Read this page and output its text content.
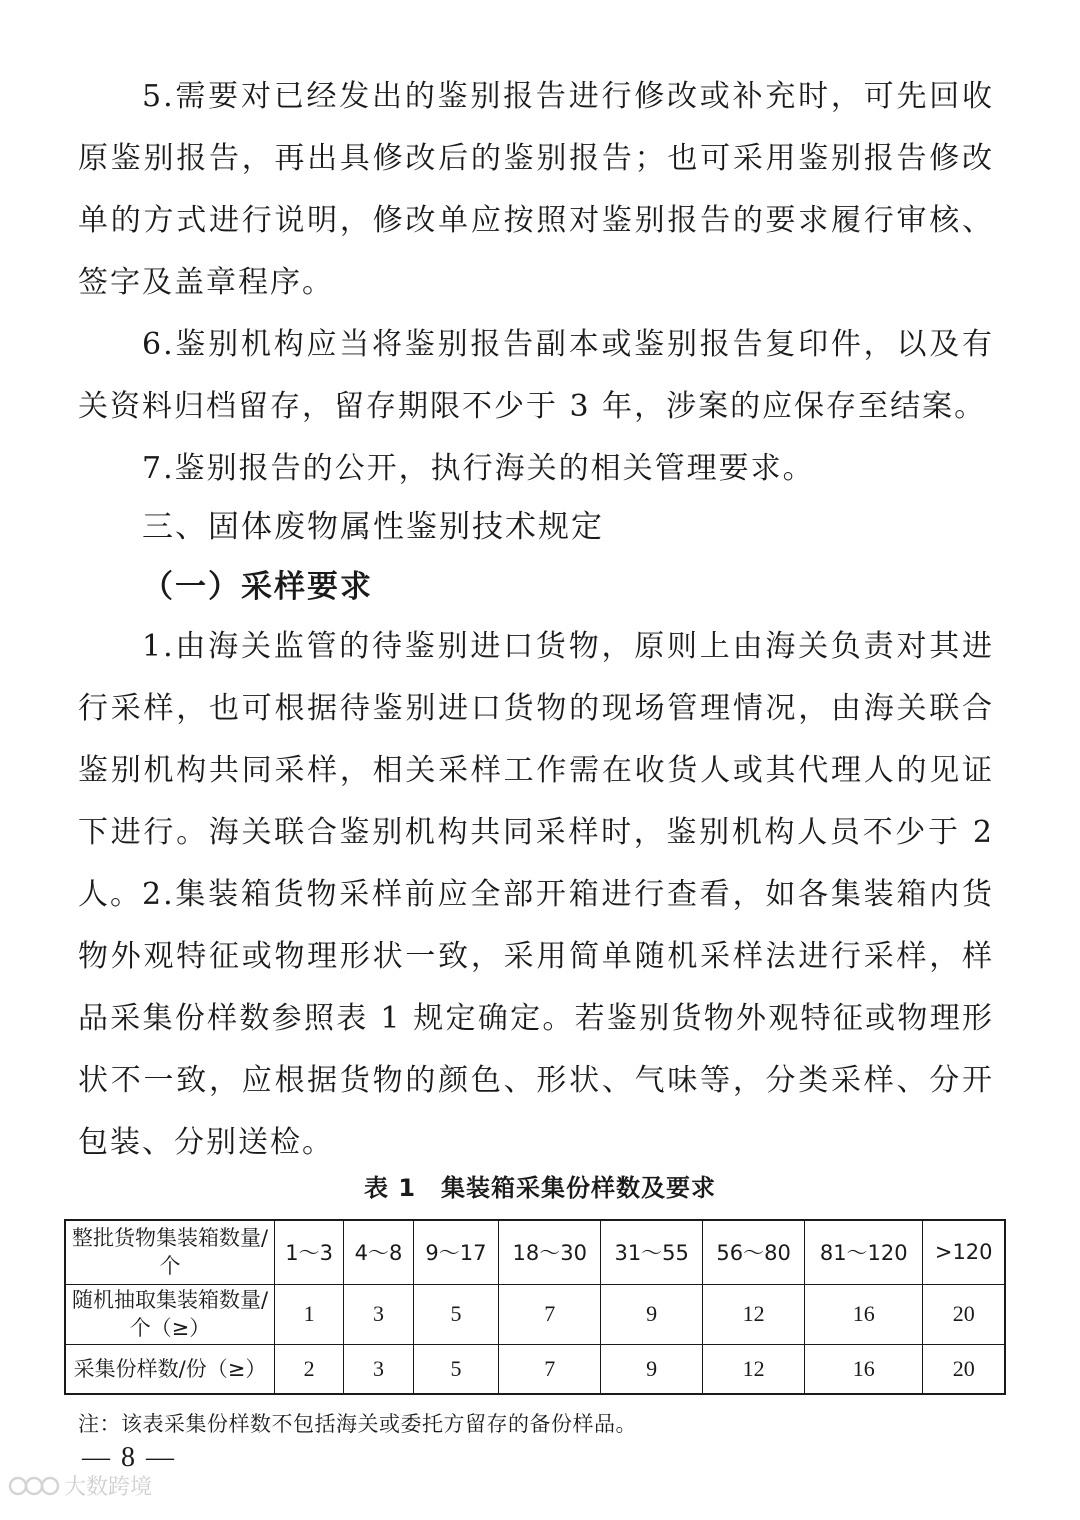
5.需要对已经发出的鉴别报告进行修改或补充时，可先回收原鉴别报告，再出具修改后的鉴别报告；也可采用鉴别报告修改单的方式进行说明，修改单应按照对鉴别报告的要求履行审核、签字及盖章程序。

6.鉴别机构应当将鉴别报告副本或鉴别报告复印件，以及有关资料归档留存，留存期限不少于 3 年，涉案的应保存至结案。

7.鉴别报告的公开，执行海关的相关管理要求。

三、固体废物属性鉴别技术规定

（一）采样要求

1.由海关监管的待鉴别进口货物，原则上由海关负责对其进行采样，也可根据待鉴别进口货物的现场管理情况，由海关联合鉴别机构共同采样，相关采样工作需在收货人或其代理人的见证下进行。海关联合鉴别机构共同采样时，鉴别机构人员不少于 2 人。 2.集装箱货物采样前应全部开箱进行查看，如各集装箱内货物外观特征或物理形状一致，采用简单随机采样法进行采样，样品采集份样数参照表 1 规定确定。若鉴别货物外观特征或物理形状不一致，应根据货物的颜色、形状、气味等，分类采样、分开包装、分别送检。

表 1　集装箱采集份样数及要求
整批货物集装箱数量/个	1～3	4～8	9～17	18～30	31～55	56～80	81～120	>120
随机抽取集装箱数量/个（≥）	1	3	5	7	9	12	16	20
采集份样数/份（≥）	2	3	5	7	9	12	16	20
注：该表采集份样数不包括海关或委托方留存的备份样品。
— 8 —
大数跨境
